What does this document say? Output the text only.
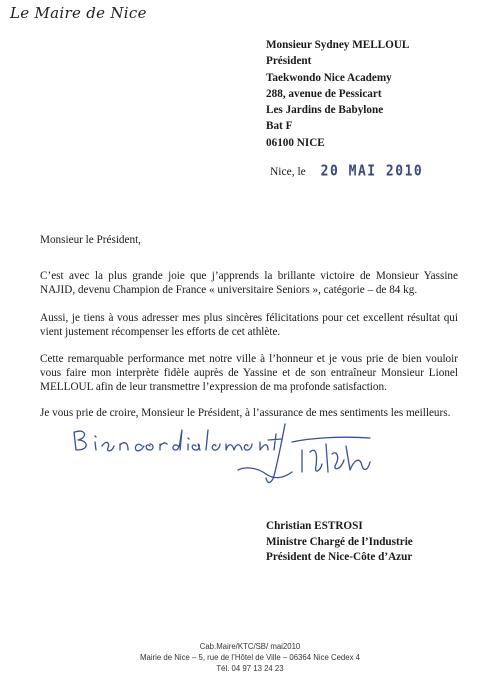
Le Maire de Nice
Monsieur Sydney MELLOUL
Président
Taekwondo Nice Academy
288, avenue de Pessicart
Les Jardins de Babylone
Bat F
06100 NICE
Nice, le 20 MAI 2010
Monsieur le Président,
C’est avec la plus grande joie que j’apprends la brillante victoire de Monsieur Yassine NAJID, devenu Champion de France « universitaire Seniors », catégorie – de 84 kg.
Aussi, je tiens à vous adresser mes plus sincères félicitations pour cet excellent résultat qui vient justement récompenser les efforts de cet athlète.
Cette remarquable performance met notre ville à l’honneur et je vous prie de bien vouloir vous faire mon interprète fidèle auprès de Yassine et de son entraîneur Monsieur Lionel MELLOUL afin de leur transmettre l’expression de ma profonde satisfaction.
Je vous prie de croire, Monsieur le Président, à l’assurance de mes sentiments les meilleurs.
Bien cordialement
Christian ESTROSI
Ministre Chargé de l’Industrie
Président de Nice-Côte d’Azur
Cab.Maire/KTC/SB/ mai2010
Mairie de Nice – 5, rue de l’Hôtel de Ville – 06364 Nice Cedex 4
Tél. 04 97 13 24 23
